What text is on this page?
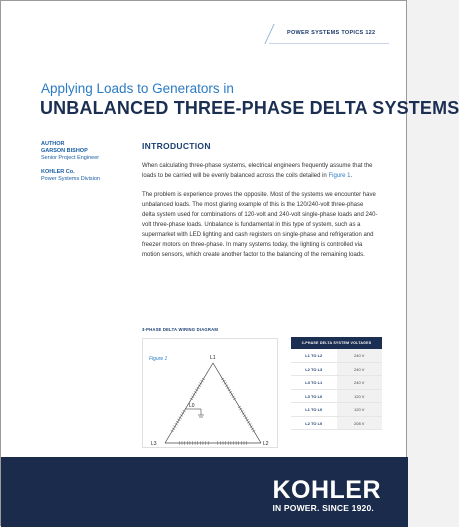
POWER SYSTEMS TOPICS 122
Applying Loads to Generators in
UNBALANCED THREE-PHASE DELTA SYSTEMS
AUTHOR
GARSON BISHOP
Senior Project Engineer
KOHLER Co.
Power Systems Division
INTRODUCTION

When calculating three-phase systems, electrical engineers frequently assume that the loads to be carried will be evenly balanced across the coils detailed in Figure 1.

The problem is experience proves the opposite. Most of the systems we encounter have unbalanced loads. The most glaring example of this is the 120/240-volt three-phase delta system used for combinations of 120-volt and 240-volt single-phase loads and 240-volt three-phase loads. Unbalance is fundamental in this type of system, such as a supermarket with LED lighting and cash registers on single-phase and refrigeration and freezer motors on three-phase. In many systems today, the lighting is controlled via motion sensors, which create another factor to the balancing of the remaining loads.

3-PHASE DELTA WIRING DIAGRAM
Figure 1	L1
L2
L3
L0
3-PHASE DELTA SYSTEM VOLTAGES
L1 TO L2	240 V
L2 TO L3	240 V
L3 TO L1	240 V
L3 TO L0	120 V
L1 TO L0	120 V
L2 TO L0	208 V
KOHLER
IN POWER. SINCE 1920.
